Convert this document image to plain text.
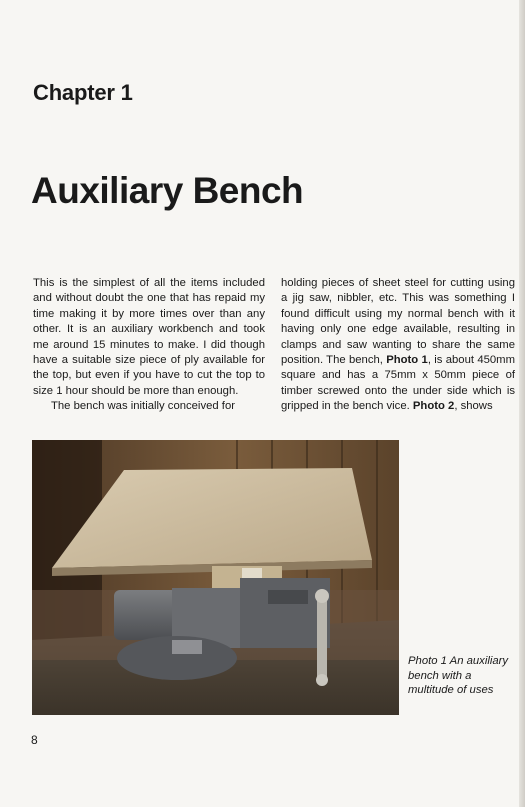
Chapter 1
Auxiliary Bench

This is the simplest of all the items included and without doubt the one that has repaid my time making it by more times over than any other. It is an auxiliary workbench and took me around 15 minutes to make. I did though have a suitable size piece of ply available for the top, but even if you have to cut the top to size 1 hour should be more than enough.

The bench was initially conceived for

holding pieces of sheet steel for cutting using a jig saw, nibbler, etc. This was something I found difficult using my normal bench with it having only one edge available, resulting in clamps and saw wanting to share the same position. The bench, Photo 1, is about 450mm square and has a 75mm x 50mm piece of timber screwed onto the under side which is gripped in the bench vice. Photo 2, shows

Photo 1 An auxiliary bench with a multitude of uses
8
